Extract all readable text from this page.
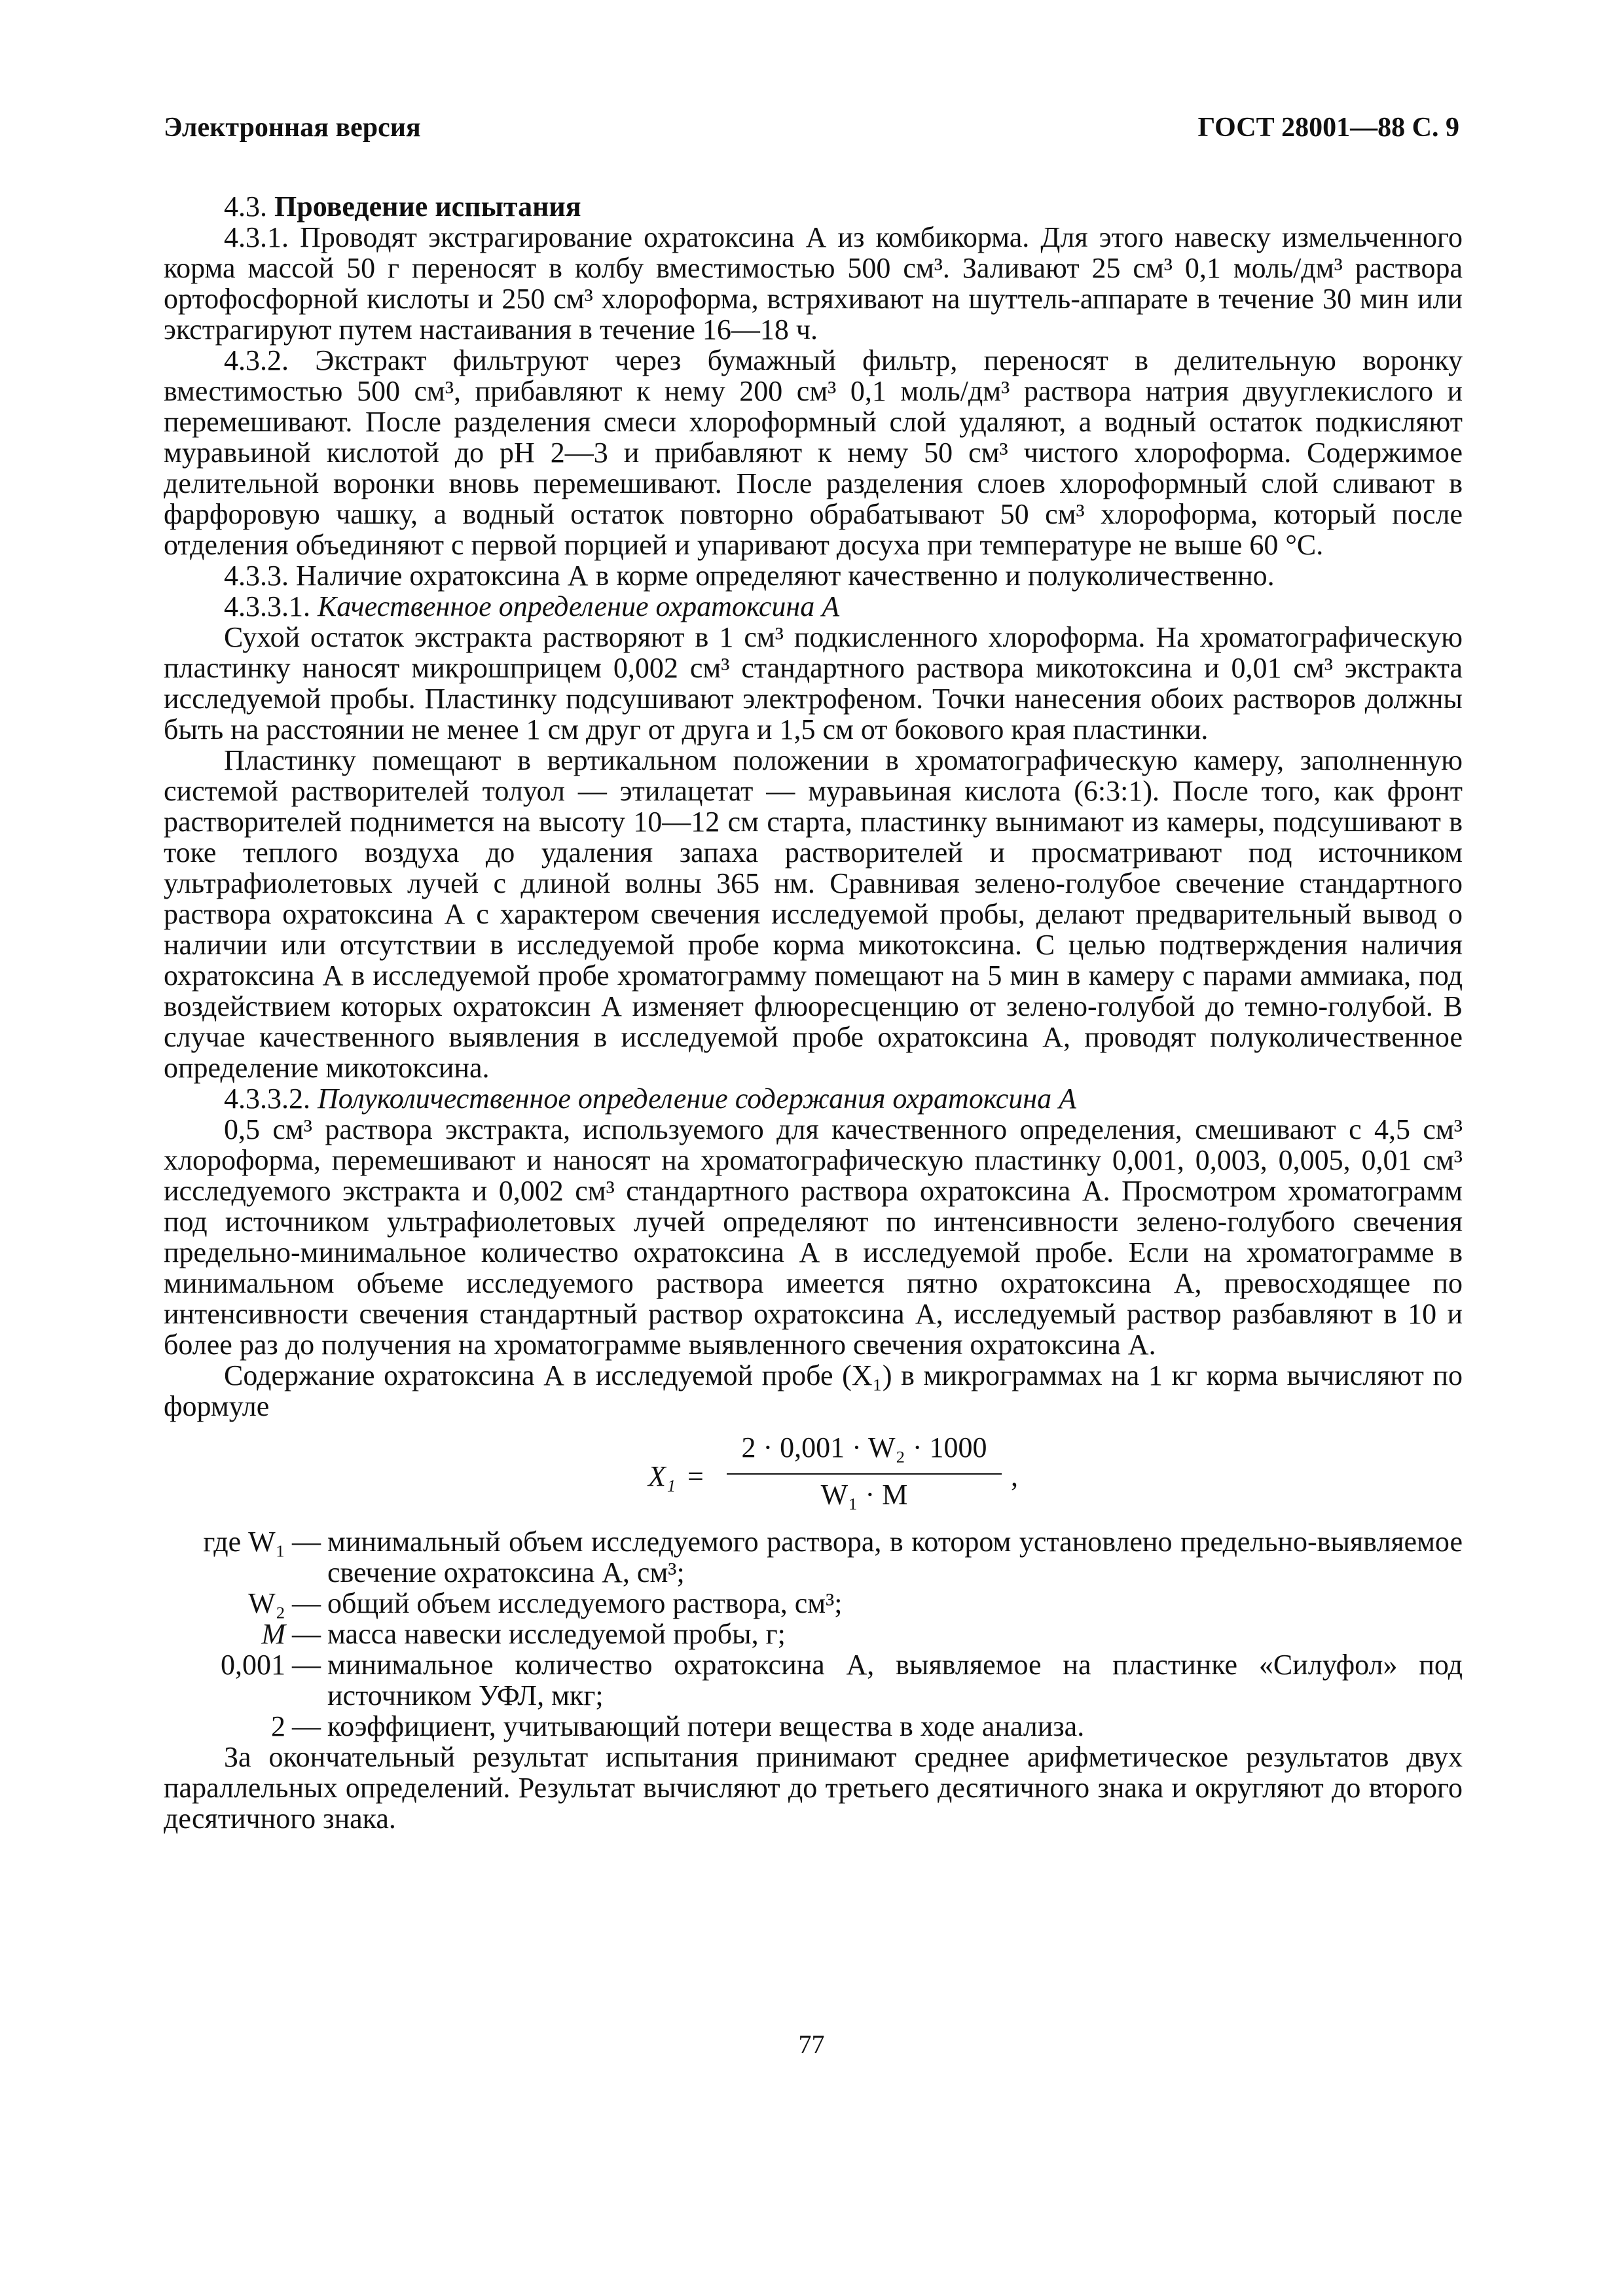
Электронная версия	ГОСТ 28001—88 С. 9

4.3. Проведение испытания

4.3.1. Проводят экстрагирование охратоксина А из комбикорма. Для этого навеску измельченного корма массой 50 г переносят в колбу вместимостью 500 см³. Заливают 25 см³ 0,1 моль/дм³ раствора ортофосфорной кислоты и 250 см³ хлороформа, встряхивают на шуттель-аппарате в течение 30 мин или экстрагируют путем настаивания в течение 16—18 ч.

4.3.2. Экстракт фильтруют через бумажный фильтр, переносят в делительную воронку вместимостью 500 см³, прибавляют к нему 200 см³ 0,1 моль/дм³ раствора натрия двууглекислого и перемешивают. После разделения смеси хлороформный слой удаляют, а водный остаток подкисляют муравьиной кислотой до pH 2—3 и прибавляют к нему 50 см³ чистого хлороформа. Содержимое делительной воронки вновь перемешивают. После разделения слоев хлороформный слой сливают в фарфоровую чашку, а водный остаток повторно обрабатывают 50 см³ хлороформа, который после отделения объединяют с первой порцией и упаривают досуха при температуре не выше 60 °С.

4.3.3. Наличие охратоксина А в корме определяют качественно и полуколичественно.

4.3.3.1. Качественное определение охратоксина А

Сухой остаток экстракта растворяют в 1 см³ подкисленного хлороформа. На хроматографическую пластинку наносят микрошприцем 0,002 см³ стандартного раствора микотоксина и 0,01 см³ экстракта исследуемой пробы. Пластинку подсушивают электрофеном. Точки нанесения обоих растворов должны быть на расстоянии не менее 1 см друг от друга и 1,5 см от бокового края пластинки.

Пластинку помещают в вертикальном положении в хроматографическую камеру, заполненную системой растворителей толуол — этилацетат — муравьиная кислота (6:3:1). После того, как фронт растворителей поднимется на высоту 10—12 см старта, пластинку вынимают из камеры, подсушивают в токе теплого воздуха до удаления запаха растворителей и просматривают под источником ультрафиолетовых лучей с длиной волны 365 нм. Сравнивая зелено-голубое свечение стандартного раствора охратоксина А с характером свечения исследуемой пробы, делают предварительный вывод о наличии или отсутствии в исследуемой пробе корма микотоксина. С целью подтверждения наличия охратоксина А в исследуемой пробе хроматограмму помещают на 5 мин в камеру с парами аммиака, под воздействием которых охратоксин А изменяет флюоресценцию от зелено-голубой до темно-голубой. В случае качественного выявления в исследуемой пробе охратоксина А, проводят полуколичественное определение микотоксина.

4.3.3.2. Полуколичественное определение содержания охратоксина А

0,5 см³ раствора экстракта, используемого для качественного определения, смешивают с 4,5 см³ хлороформа, перемешивают и наносят на хроматографическую пластинку 0,001, 0,003, 0,005, 0,01 см³ исследуемого экстракта и 0,002 см³ стандартного раствора охратоксина А. Просмотром хроматограмм под источником ультрафиолетовых лучей определяют по интенсивности зелено-голубого свечения предельно-минимальное количество охратоксина А в исследуемой пробе. Если на хроматограмме в минимальном объеме исследуемого раствора имеется пятно охратоксина А, превосходящее по интенсивности свечения стандартный раствор охратоксина А, исследуемый раствор разбавляют в 10 и более раз до получения на хроматограмме выявленного свечения охратоксина А.

Содержание охратоксина А в исследуемой пробе (X₁) в микрограммах на 1 кг корма вычисляют по формуле

X₁ =
2 · 0,001 · W₂ · 1000
W₁ · M
,
где W₁ — минимальный объем исследуемого раствора, в котором установлено предельно-выявляемое свечение охратоксина А, см³;
W₂ — общий объем исследуемого раствора, см³;
M — масса навески исследуемой пробы, г;
0,001 — минимальное количество охратоксина А, выявляемое на пластинке «Силуфол» под источником УФЛ, мкг;
2 — коэффициент, учитывающий потери вещества в ходе анализа.

За окончательный результат испытания принимают среднее арифметическое результатов двух параллельных определений. Результат вычисляют до третьего десятичного знака и округляют до второго десятичного знака.

77
